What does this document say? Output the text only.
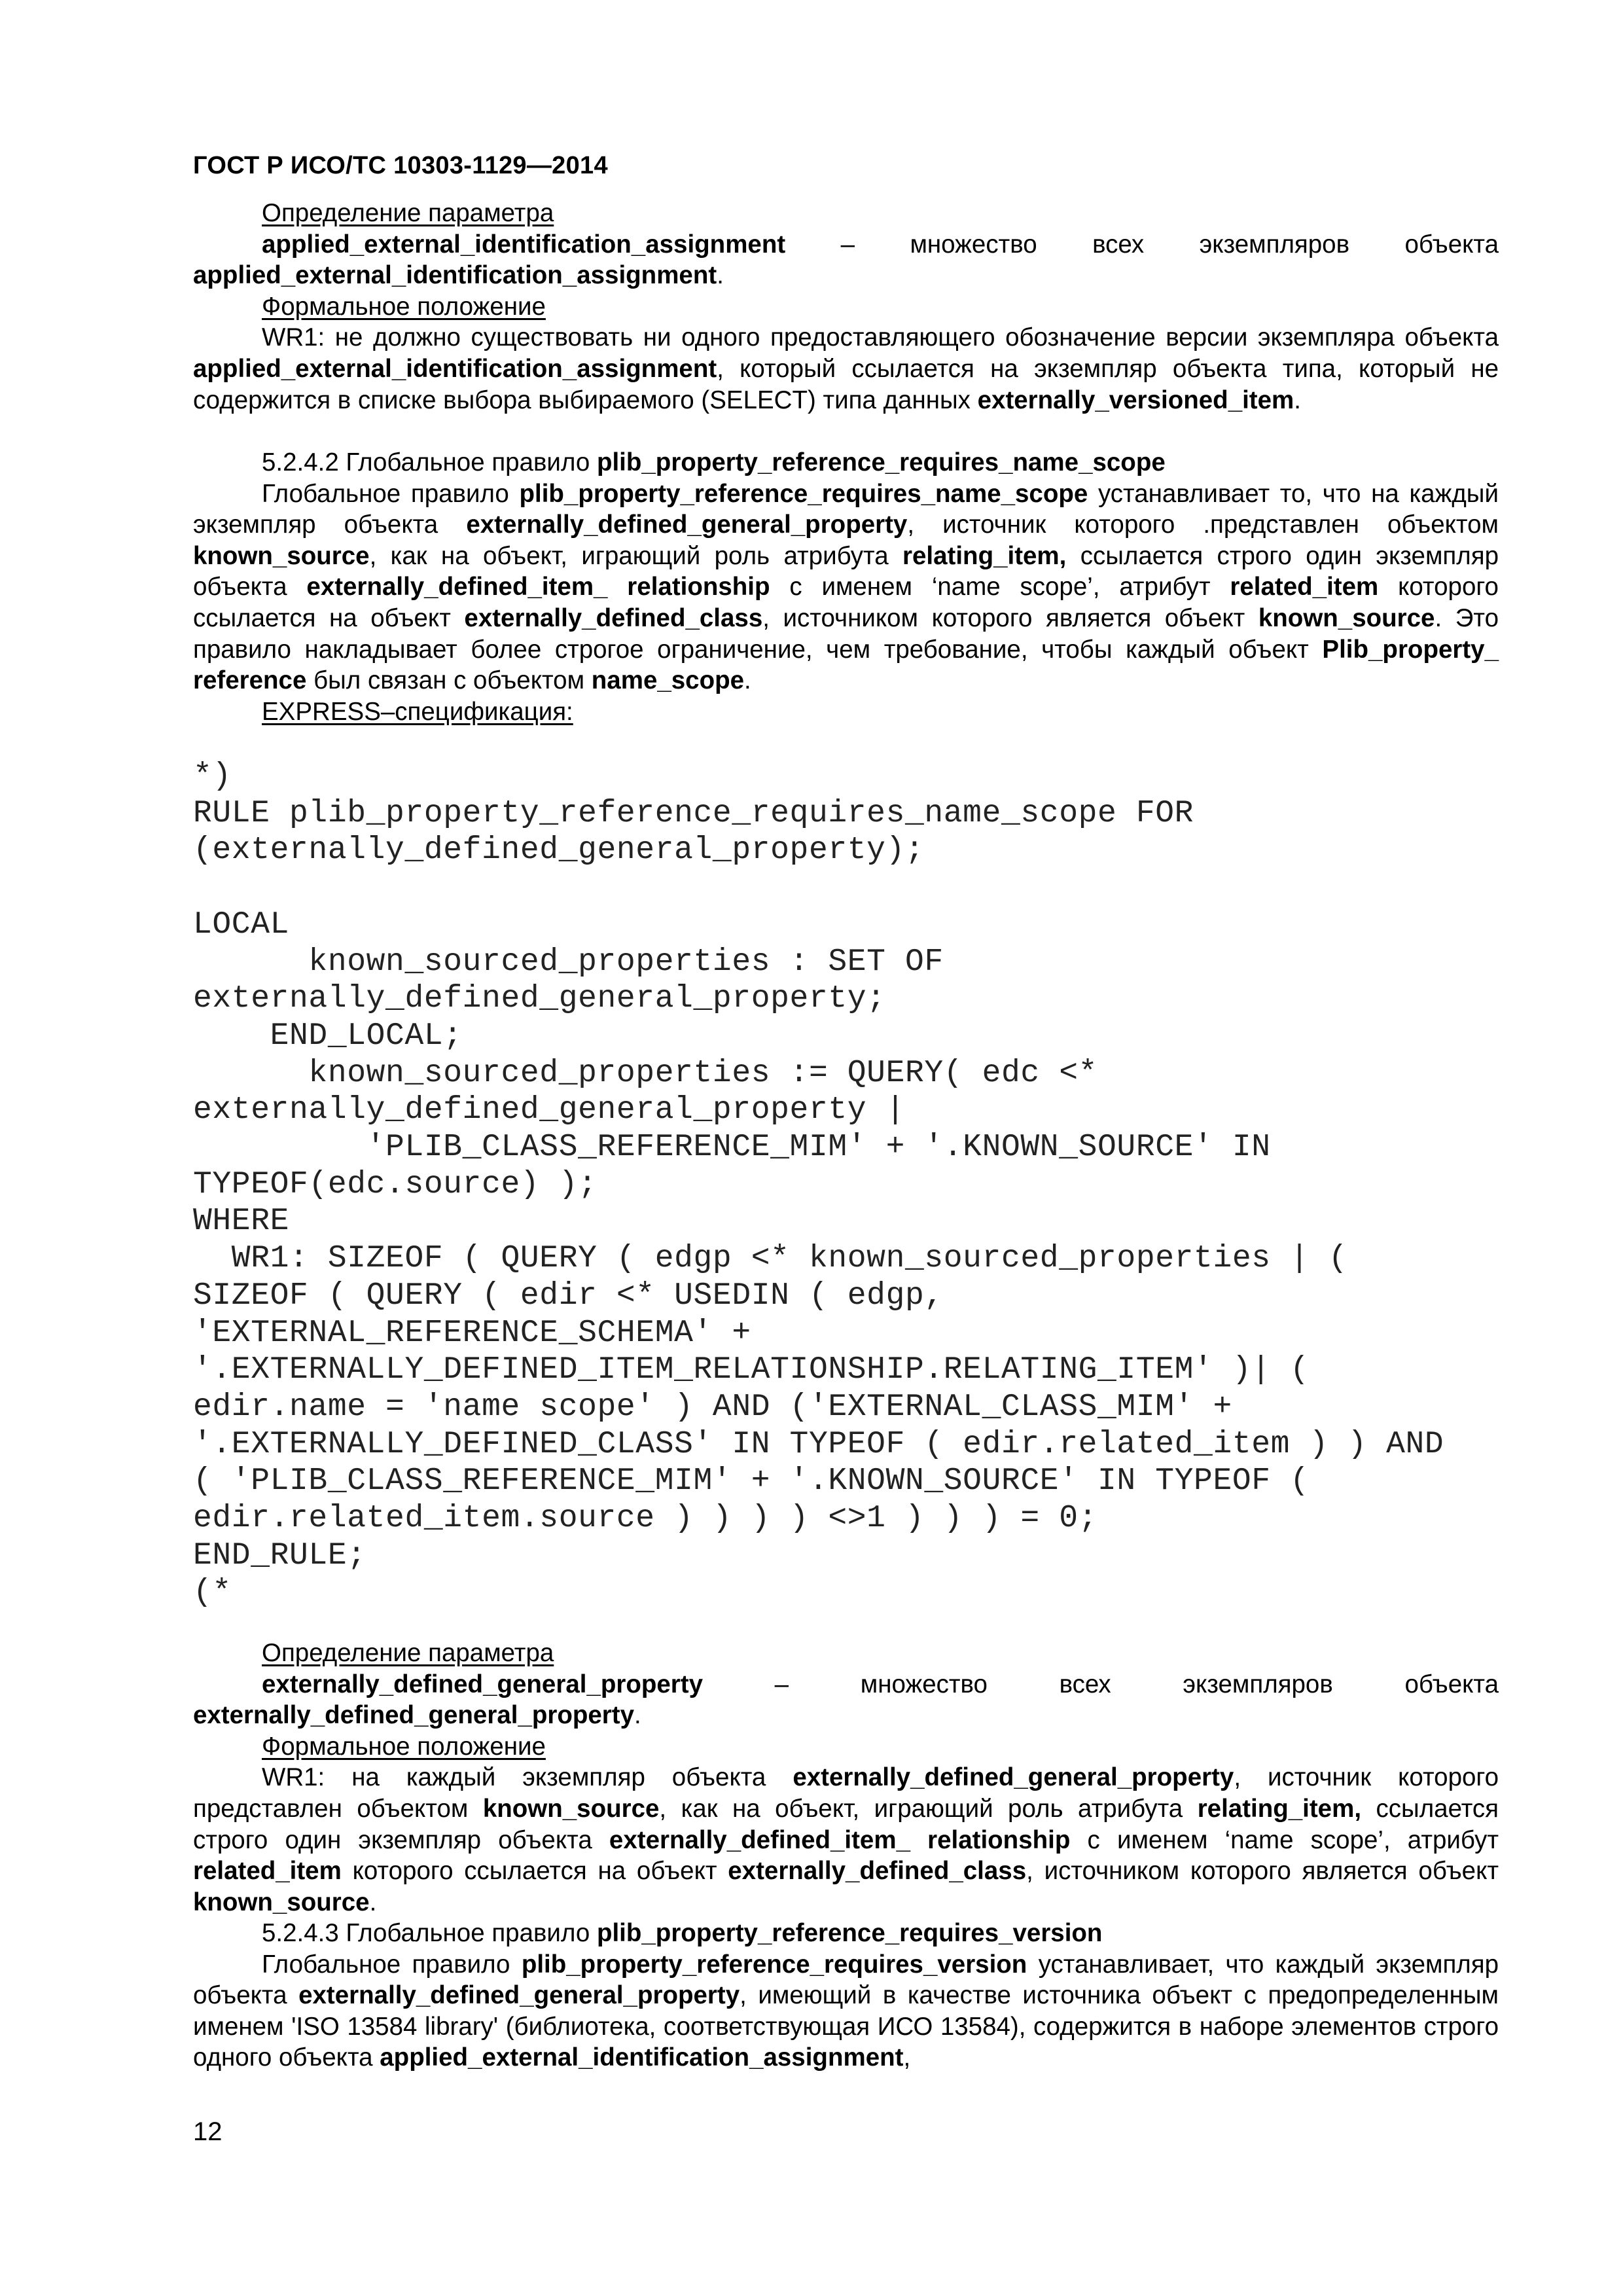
ГОСТ Р ИСО/ТС 10303-1129—2014
Определение параметра

applied_external_identification_assignment – множество всех экземпляров объекта

applied_external_identification_assignment.
Формальное положение

WR1: не должно существовать ни одного предоставляющего обозначение версии экземпляра объекта applied_external_identification_assignment, который ссылается на экземпляр объекта типа, который не содержится в списке выбора выбираемого (SELECT) типа данных externally_versioned_item.

5.2.4.2 Глобальное правило plib_property_reference_requires_name_scope

Глобальное правило plib_property_reference_requires_name_scope устанавливает то, что на каждый экземпляр объекта externally_defined_general_property, источник которого .представлен объектом known_source, как на объект, играющий роль атрибута relating_item, ссылается строго один экземпляр объекта externally_defined_item_ relationship с именем ‘name scope’, атрибут related_item которого ссылается на объект externally_defined_class, источником которого является объект known_source. Это правило накладывает более строгое ограничение, чем требование, чтобы каждый объект Plib_property_ reference был связан с объектом name_scope.

EXPRESS–спецификация:
*)
RULE plib_property_reference_requires_name_scope FOR
(externally_defined_general_property);

LOCAL
known_sourced_properties : SET OF
externally_defined_general_property;
END_LOCAL;
known_sourced_properties := QUERY( edc <*
externally_defined_general_property |
'PLIB_CLASS_REFERENCE_MIM' + '.KNOWN_SOURCE' IN
TYPEOF(edc.source) );
WHERE
WR1: SIZEOF ( QUERY ( edgp <* known_sourced_properties | (
SIZEOF ( QUERY ( edir <* USEDIN ( edgp,
'EXTERNAL_REFERENCE_SCHEMA' +
'.EXTERNALLY_DEFINED_ITEM_RELATIONSHIP.RELATING_ITEM' )| (
edir.name = 'name scope' ) AND ('EXTERNAL_CLASS_MIM' +
'.EXTERNALLY_DEFINED_CLASS' IN TYPEOF ( edir.related_item ) ) AND
( 'PLIB_CLASS_REFERENCE_MIM' + '.KNOWN_SOURCE' IN TYPEOF (
edir.related_item.source ) ) ) ) <>1 ) ) ) = 0;
END_RULE;
(*
Определение параметра

externally_defined_general_property	–	множество всех экземпляров объекта

externally_defined_general_property.
Формальное положение

WR1: на каждый экземпляр объекта externally_defined_general_property, источник которого представлен объектом known_source, как на объект, играющий роль атрибута relating_item, ссылается строго один экземпляр объекта externally_defined_item_ relationship с именем ‘name scope’, атрибут related_item которого ссылается на объект externally_defined_class, источником которого является объект known_source.

5.2.4.3 Глобальное правило plib_property_reference_requires_version

Глобальное правило plib_property_reference_requires_version устанавливает, что каждый экземпляр объекта externally_defined_general_property, имеющий в качестве источника объект с предопределенным именем 'ISO 13584 library' (библиотека, соответствующая ИСО 13584), содержится в наборе элементов строго одного объекта applied_external_identification_assignment,

12
